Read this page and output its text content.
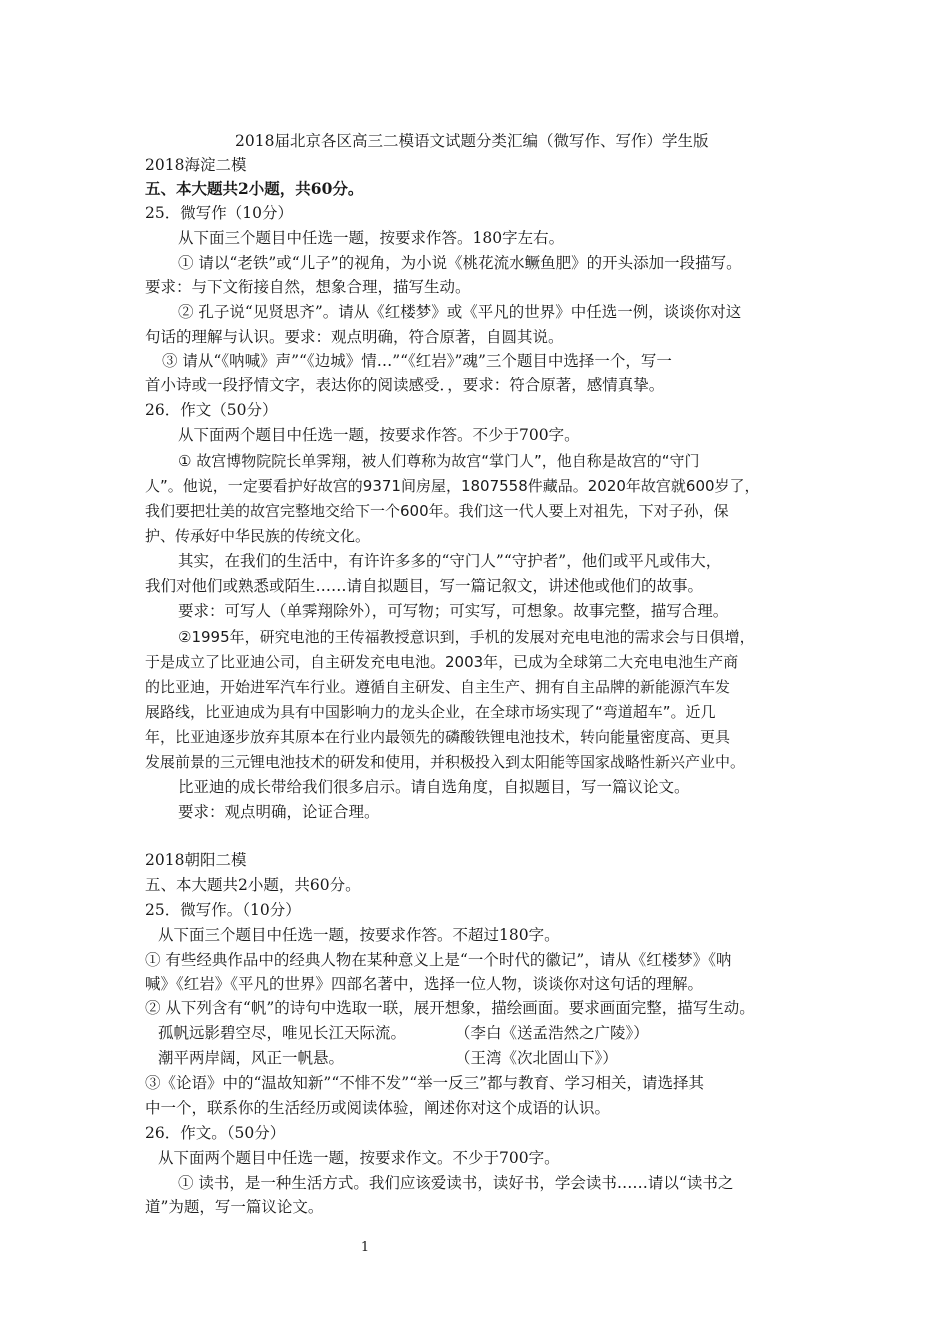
2018届北京各区高三二模语文试题分类汇编（微写作、写作）学生版
2018海淀二模
五、本大题共2小题，共60分。
25．微写作（10分）
从下面三个题目中任选一题，按要求作答。180字左右。
① 请以“老铁”或“儿子”的视角，为小说《桃花流水鳜鱼肥》的开头添加一段描写。
要求：与下文衔接自然，想象合理，描写生动。
② 孔子说“见贤思齐”。请从《红楼梦》或《平凡的世界》中任选一例，谈谈你对这
句话的理解与认识。要求：观点明确，符合原著，自圆其说。
③ 请从“《呐喊》声”“《边城》情…”“《红岩》”魂”三个题目中选择一个，写一
首小诗或一段抒情文字，表达你的阅读感受．，要求：符合原著，感情真挚。
26．作文（50分）
从下面两个题目中任选一题，按要求作答。不少于700字。
① 故宫博物院院长单霁翔，被人们尊称为故宫“掌门人”，他自称是故宫的“守门
人”。他说，一定要看护好故宫的9371间房屋，1807558件藏品。2020年故宫就600岁了，
我们要把壮美的故宫完整地交给下一个600年。我们这一代人要上对祖先，下对子孙，保
护、传承好中华民族的传统文化。
其实，在我们的生活中，有许许多多的“守门人”“守护者”，他们或平凡或伟大，
我们对他们或熟悉或陌生……请自拟题目，写一篇记叙文，讲述他或他们的故事。
要求：可写人（单霁翔除外），可写物；可实写，可想象。故事完整，描写合理。
②1995年，研究电池的王传福教授意识到，手机的发展对充电电池的需求会与日俱增，
于是成立了比亚迪公司，自主研发充电电池。2003年，已成为全球第二大充电电池生产商
的比亚迪，开始进军汽车行业。遵循自主研发、自主生产、拥有自主品牌的新能源汽车发
展路线，比亚迪成为具有中国影响力的龙头企业，在全球市场实现了“弯道超车”。近几
年，比亚迪逐步放弃其原本在行业内最领先的磷酸铁锂电池技术，转向能量密度高、更具
发展前景的三元锂电池技术的研发和使用，并积极投入到太阳能等国家战略性新兴产业中。
比亚迪的成长带给我们很多启示。请自选角度，自拟题目，写一篇议论文。
要求：观点明确，论证合理。
2018朝阳二模
五、本大题共2小题，共60分。
25．微写作。（10分）
从下面三个题目中任选一题，按要求作答。不超过180字。
① 有些经典作品中的经典人物在某种意义上是“一个时代的徽记”，请从《红楼梦》《呐
喊》《红岩》《平凡的世界》四部名著中，选择一位人物，谈谈你对这句话的理解。
② 从下列含有“帆”的诗句中选取一联，展开想象，描绘画面。要求画面完整，描写生动。
孤帆远影碧空尽，唯见长江天际流。	（李白《送孟浩然之广陵》）
潮平两岸阔，风正一帆悬。	（王湾《次北固山下》）
③《论语》中的“温故知新”“不悱不发”“举一反三”都与教育、学习相关，请选择其
中一个，联系你的生活经历或阅读体验，阐述你对这个成语的认识。
26．作文。（50分）
从下面两个题目中任选一题，按要求作文。不少于700字。
① 读书，是一种生活方式。我们应该爱读书，读好书，学会读书……请以“读书之
道”为题，写一篇议论文。
1
